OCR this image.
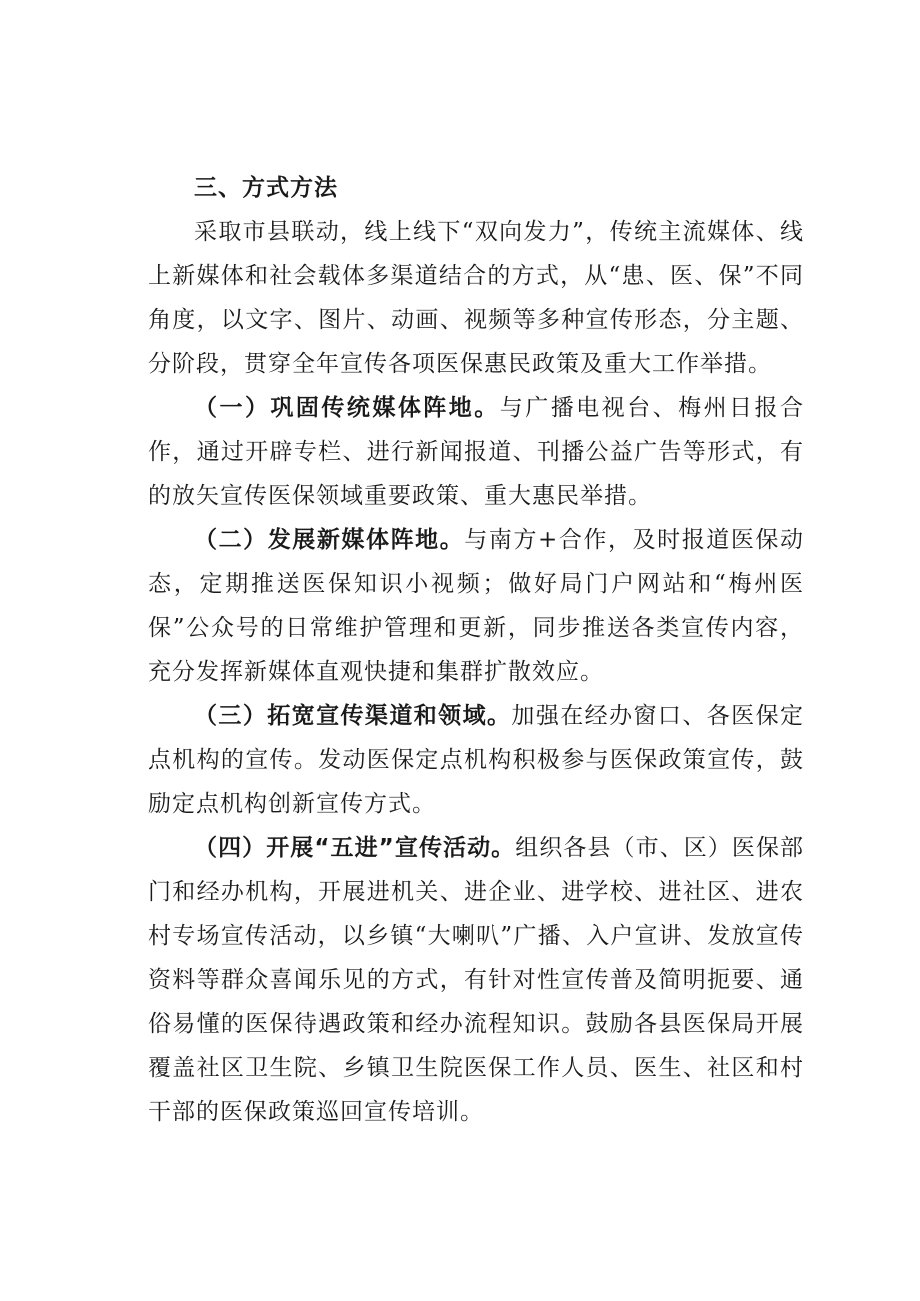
三、方式方法

采取市县联动，线上线下“双向发力”，传统主流媒体、线上新媒体和社会载体多渠道结合的方式，从“患、医、保”不同角度，以文字、图片、动画、视频等多种宣传形态，分主题、分阶段，贯穿全年宣传各项医保惠民政策及重大工作举措。

（一）巩固传统媒体阵地。与广播电视台、梅州日报合作，通过开辟专栏、进行新闻报道、刊播公益广告等形式，有的放矢宣传医保领域重要政策、重大惠民举措。

（二）发展新媒体阵地。与南方+合作，及时报道医保动态，定期推送医保知识小视频；做好局门户网站和“梅州医保”公众号的日常维护管理和更新，同步推送各类宣传内容，充分发挥新媒体直观快捷和集群扩散效应。

（三）拓宽宣传渠道和领域。加强在经办窗口、各医保定点机构的宣传。发动医保定点机构积极参与医保政策宣传，鼓励定点机构创新宣传方式。

（四）开展“五进”宣传活动。组织各县（市、区）医保部门和经办机构，开展进机关、进企业、进学校、进社区、进农村专场宣传活动，以乡镇“大喇叭”广播、入户宣讲、发放宣传资料等群众喜闻乐见的方式，有针对性宣传普及简明扼要、通俗易懂的医保待遇政策和经办流程知识。鼓励各县医保局开展覆盖社区卫生院、乡镇卫生院医保工作人员、医生、社区和村干部的医保政策巡回宣传培训。
